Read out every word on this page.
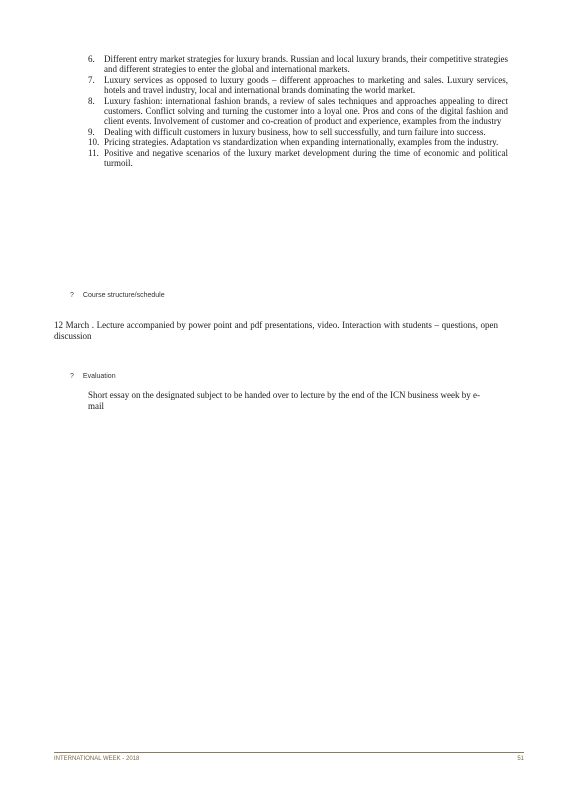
6.	Different entry market strategies for luxury brands. Russian and local luxury brands, their competitive strategies and different strategies to enter the global and international markets.
7.	Luxury services as opposed to luxury goods – different approaches to marketing and sales. Luxury services, hotels and travel industry, local and international brands dominating the world market.
8.	Luxury fashion: international fashion brands, a review of sales techniques and approaches appealing to direct customers. Conflict solving and turning the customer into a loyal one. Pros and cons of the digital fashion and client events. Involvement of customer and co-creation of product and experience, examples from the industry
9.	Dealing with difficult customers in luxury business, how to sell successfully, and turn failure into success.
10. Pricing strategies. Adaptation vs standardization when expanding internationally, examples from the industry.
11. Positive and negative scenarios of the luxury market development during the time of economic and political turmoil.
? Course structure/schedule
12 March . Lecture accompanied by power point and pdf presentations, video. Interaction with students – questions, open discussion
? Evaluation
Short essay on the designated subject to be handed over to lecture by the end of the ICN business week by e-mail
INTERNATIONAL WEEK - 2018	51
